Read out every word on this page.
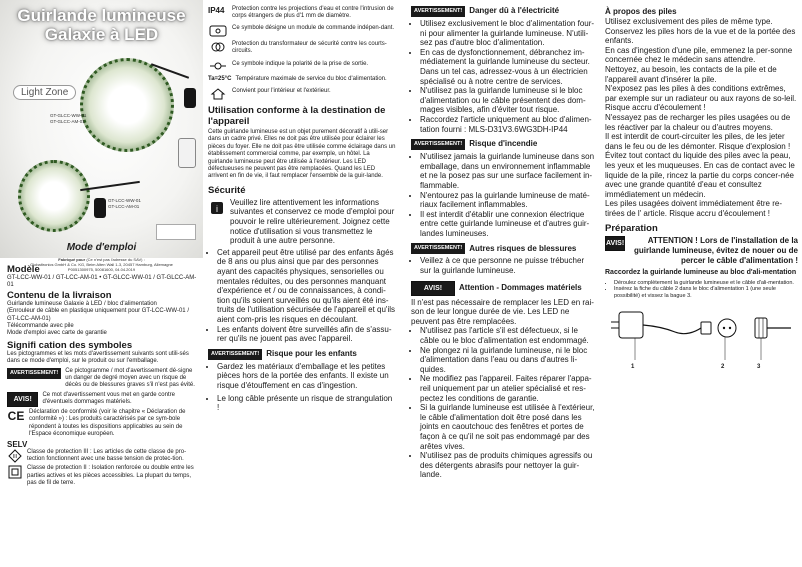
Guirlande lumineuse
Galaxie à LED
Light Zone
GT-GLCC-WW-01
GT-GLCC-AM-01
GT-LCC-WW-01
GT-LCC-AM-01
Mode d'emploi
Fabriqué pour (Ce n'est pas l'adresse du SAV) :
Globaltronics GmbH & Co. KG, Beim Alten Wall 1-3, 20457 Hamburg, Allemagne
P0051300975, 50081600, 04.04.2019
Modèle

GT-LCC-WW-01 / GT-LCC-AM-01 • GT-GLCC-WW-01 / GT-GLCC-AM-01

Contenu de la livraison
Guirlande lumineuse Galaxie à LED / bloc d'alimentation
(Enrouleur de câble en plastique uniquement pour GT-LCC-WW-01 /
GT-LCC-AM-01)
Télécommande avec pile
Mode d'emploi avec carte de garantie
Signifi cation des symboles

Les pictogrammes et les mots d'avertissement suivants sont utili-sés dans ce mode d'emploi, sur le produit ou sur l'emballage.

AVERTISSEMENT!	Ce pictogramme / mot d'avertissement dé-signe un danger de degré moyen avec un risque de décès ou de blessures graves s'il n'est pas évité.

AVIS!

Ce mot d'avertissement vous met en garde contre d'éventuels dommages matériels.

CE Déclaration de conformité (voir le chapitre « Déclaration de conformité ») : Les produits caractérisés par ce sym-bole répondent à toutes les dispositions applicables au sein de l'Espace économique européen.

SELV
III

Classe de protection III : Les articles de cette classe de pro-tection fonctionnent avec une basse tension de protec-tion.

Classe de protection II : Isolation renforcée ou double entre les parties actives et les pièces accessibles. La plupart du temps, pas de fil de terre.

IP44	Protection contre les projections d'eau et contre l'intrusion de corps étrangers de plus d'1 mm de diamètre.

Ce symbole désigne un module de commande indépen-dant.

Protection du transformateur de sécurité contre les courts-circuits.

Ce symbole indique la polarité de la prise de sortie.

Ta=25°C Température maximale de service du bloc d'alimentation.

Convient pour l'intérieur et l'extérieur.

Utilisation conforme à la destination de l'appareil

Cette guirlande lumineuse est un objet purement décoratif à utili-ser dans un cadre privé. Elles ne doit pas être utilisée pour éclairer les pièces du foyer. Elle ne doit pas être utilisée comme éclairage dans un établissement commercial comme, par exemple, un hôtel. La guirlande lumineuse peut être utilisée à l'extérieur. Les LED défectueuses ne peuvent pas être remplacées. Quand les LED arrivent en fin de vie, il faut remplacer l'ensemble de la guir-lande.

Sécurité
i

Veuillez lire attentivement les informations suivantes et conservez ce mode d'emploi pour pouvoir le relire ultérieurement. Joignez cette notice d'utilisation si vous transmettez le produit à une autre personne.

• Cet appareil peut être utilisé par des enfants âgés de 8 ans ou plus ainsi que par des personnes ayant des capacités physiques, sensorielles ou mentales réduites, ou des personnes manquant d'expérience et / ou de connaissances, à condi-tion qu'ils soient surveillés ou qu'ils aient été ins-truits de l'utilisation sécurisée de l'appareil et qu'ils aient com-pris les risques en découlant.
• Les enfants doivent être surveillés afin de s'assu-rer qu'ils ne jouent pas avec l'appareil.
AVERTISSEMENT! Risque pour les enfants
• Gardez les matériaux d'emballage et les petites pièces hors de la portée des enfants. Il existe un risque d'étouffement en cas d'ingestion.
• Le long câble présente un risque de strangulation !
AVERTISSEMENT! Danger dû à l'électricité
• Utilisez exclusivement le bloc d'alimentation four-ni pour alimenter la guirlande lumineuse. N'utili-sez pas d'autre bloc d'alimentation.
• En cas de dysfonctionnement, débranchez im-médiatement la guirlande lumineuse du secteur. Dans un tel cas, adressez-vous à un électricien spécialisé ou à notre centre de services.
• N'utilisez pas la guirlande lumineuse si le bloc d'alimentation ou le câble présentent des dom-mages visibles, afin d'éviter tout risque.
• Raccordez l'article uniquement au bloc d'alimen-tation fourni : MLS-D31V3.6WG3DH-IP44
AVERTISSEMENT! Risque d'incendie
• N'utilisez jamais la guirlande lumineuse dans son emballage, dans un environnement inflammable et ne la posez pas sur une surface facilement in-flammable.
• N'entourez pas la guirlande lumineuse de maté-riaux facilement inflammables.
• Il est interdit d'établir une connexion électrique entre cette guirlande lumineuse et d'autres guir-landes lumineuses.
AVERTISSEMENT! Autres risques de blessures
• Veillez à ce que personne ne puisse trébucher sur la guirlande lumineuse.
AVIS!	Attention - Dommages matériels

Il n'est pas nécessaire de remplacer les LED en rai-son de leur longue durée de vie. Les LED ne peuvent pas être remplacées.

• N'utilisez pas l'article s'il est défectueux, si le câble ou le bloc d'alimentation est endommagé.
• Ne plongez ni la guirlande lumineuse, ni le bloc d'alimentation dans l'eau ou dans d'autres li-quides.
• Ne modifiez pas l'appareil. Faites réparer l'appa-reil uniquement par un atelier spécialisé et res-pectez les conditions de garantie.
• Si la guirlande lumineuse est utilisée à l'extérieur, le câble d'alimentation doit être posé dans les joints en caoutchouc des fenêtres et portes de façon à ce qu'il ne soit pas endommagé par des arêtes vives.
• N'utilisez pas de produits chimiques agressifs ou des détergents abrasifs pour nettoyer la guir-lande.
À propos des piles

Utilisez exclusivement des piles de même type. Conservez les piles hors de la vue et de la portée des enfants.

En cas d'ingestion d'une pile, emmenez la per-sonne concernée chez le médecin sans attendre.

Nettoyez, au besoin, les contacts de la pile et de l'appareil avant d'insérer la pile.

N'exposez pas les piles à des conditions extrêmes, par exemple sur un radiateur ou aux rayons de so-leil. Risque accru d'écoulement !

N'essayez pas de recharger les piles usagées ou de les réactiver par la chaleur ou d'autres moyens.

Il est interdit de court-circuiter les piles, de les jeter dans le feu ou de les démonter. Risque d'explosion !

Évitez tout contact du liquide des piles avec la peau, les yeux et les muqueuses. En cas de contact avec le liquide de la pile, rincez la partie du corps concer-née avec une grande quantité d'eau et consultez immédiatement un médecin.

Les piles usagées doivent immédiatement être re-tirées de l' article. Risque accru d'écoulement !

Préparation
AVIS!	ATTENTION ! Lors de l'installation de la guirlande lumineuse, évitez de nouer ou de percer le câble d'alimentation !

Raccordez la guirlande lumineuse au bloc d'ali-mentation

• Déroulez complètement la guirlande lumineuse et le câble d'ali-mentation.
• Insérez la fiche du câble 2 dans le bloc d'alimentation 1 (une seule possibilité) et vissez la bague 3.
1	2	3
